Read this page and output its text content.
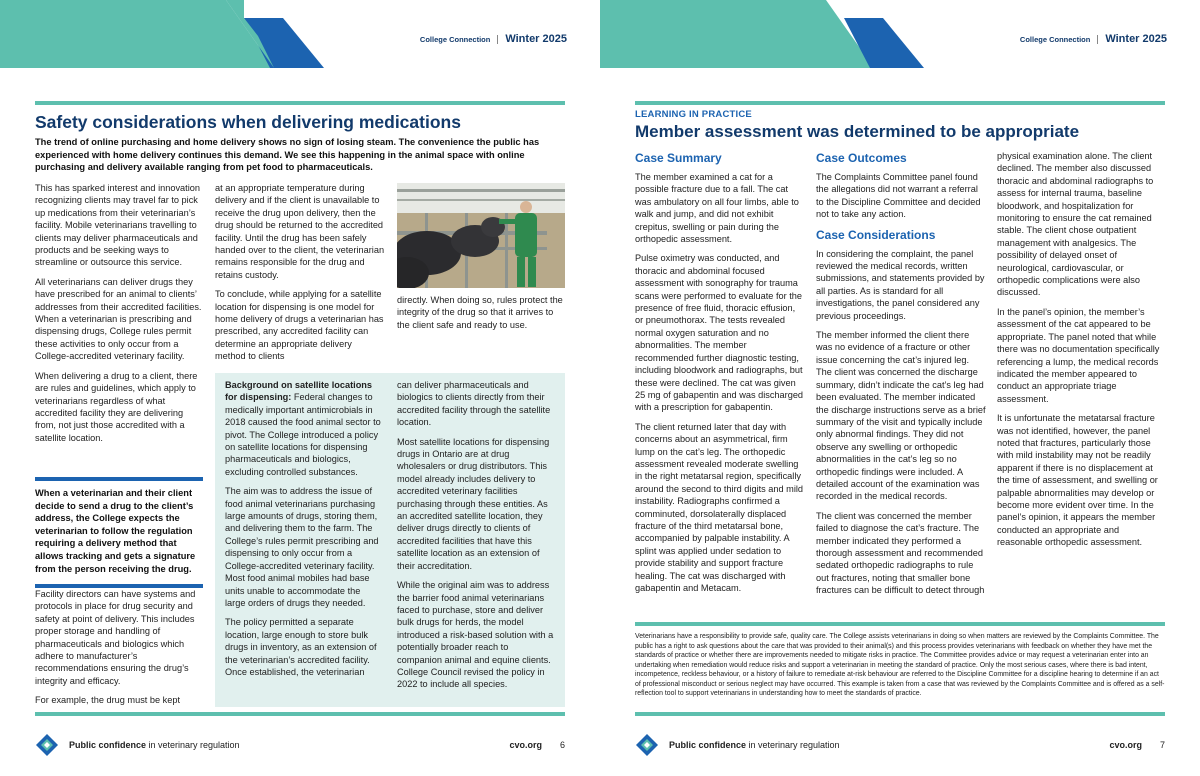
College Connection	Winter 2025
Safety considerations when delivering medications
The trend of online purchasing and home delivery shows no sign of losing steam. The convenience the public has experienced with home delivery continues this demand. We see this happening in the animal space with online purchasing and delivery available ranging from pet food to pharmaceuticals.

This has sparked interest and innovation recognizing clients may travel far to pick up medications from their veterinarian’s facility. Mobile veterinarians travelling to clients may deliver pharmaceuticals and products and be seeking ways to streamline or outsource this service.

All veterinarians can deliver drugs they have prescribed for an animal to clients’ addresses from their accredited facilities. When a veterinarian is prescribing and dispensing drugs, College rules permit these activities to only occur from a College-accredited veterinary facility.

When delivering a drug to a client, there are rules and guidelines, which apply to veterinarians regardless of what accredited facility they are delivering from, not just those accredited with a satellite location.

When a veterinarian and their client decide to send a drug to the client’s address, the College expects the veterinarian to follow the regulation requiring a delivery method that allows tracking and gets a signature from the person receiving the drug.

Facility directors can have systems and protocols in place for drug security and safety at point of delivery. This includes proper storage and handling of pharmaceuticals and biologics which adhere to manufacturer’s recommendations ensuring the drug’s integrity and efficacy.

For example, the drug must be kept

at an appropriate temperature during delivery and if the client is unavailable to receive the drug upon delivery, then the drug should be returned to the accredited facility. Until the drug has been safely handed over to the client, the veterinarian remains responsible for the drug and retains custody.

To conclude, while applying for a satellite location for dispensing is one model for home delivery of drugs a veterinarian has prescribed, any accredited facility can determine an appropriate delivery method to clients

directly. When doing so, rules protect the integrity of the drug so that it arrives to the client safe and ready to use.

Background on satellite locations for dispensing: Federal changes to medically important antimicrobials in 2018 caused the food animal sector to pivot. The College introduced a policy on satellite locations for dispensing pharmaceuticals and biologics, excluding controlled substances.

The aim was to address the issue of food animal veterinarians purchasing large amounts of drugs, storing them, and delivering them to the farm. The College’s rules permit prescribing and dispensing to only occur from a College-accredited veterinary facility. Most food animal mobiles had base units unable to accommodate the large orders of drugs they needed.

The policy permitted a separate location, large enough to store bulk drugs in inventory, as an extension of the veterinarian’s accredited facility. Once established, the veterinarian

can deliver pharmaceuticals and biologics to clients directly from their accredited facility through the satellite location.

Most satellite locations for dispensing drugs in Ontario are at drug wholesalers or drug distributors. This model already includes delivery to accredited veterinary facilities purchasing through these entities. As an accredited satellite location, they deliver drugs directly to clients of accredited facilities that have this satellite location as an extension of their accreditation.

While the original aim was to address the barrier food animal veterinarians faced to purchase, store and deliver bulk drugs for herds, the model introduced a risk-based solution with a potentially broader reach to companion animal and equine clients. College Council revised the policy in 2022 to include all species.

Public confidence in veterinary regulation	cvo.org 6
College Connection	Winter 2025
LEARNING IN PRACTICE
Member assessment was determined to be appropriate
Case Summary

The member examined a cat for a possible fracture due to a fall. The cat was ambulatory on all four limbs, able to walk and jump, and did not exhibit crepitus, swelling or pain during the orthopedic assessment.

Pulse oximetry was conducted, and thoracic and abdominal focused assessment with sonography for trauma scans were performed to evaluate for the presence of free fluid, thoracic effusion, or pneumothorax. The tests revealed normal oxygen saturation and no abnormalities. The member recommended further diagnostic testing, including bloodwork and radiographs, but these were declined. The cat was given 25 mg of gabapentin and was discharged with a prescription for gabapentin.

The client returned later that day with concerns about an asymmetrical, firm lump on the cat’s leg. The orthopedic assessment revealed moderate swelling in the right metatarsal region, specifically around the second to third digits and mild instability. Radiographs confirmed a comminuted, dorsolaterally displaced fracture of the third metatarsal bone, accompanied by palpable instability. A splint was applied under sedation to provide stability and support fracture healing. The cat was discharged with gabapentin and Metacam.

Case Outcomes

The Complaints Committee panel found the allegations did not warrant a referral to the Discipline Committee and decided not to take any action.

Case Considerations

In considering the complaint, the panel reviewed the medical records, written submissions, and statements provided by all parties. As is standard for all investigations, the panel considered any previous proceedings.

The member informed the client there was no evidence of a fracture or other issue concerning the cat’s injured leg. The client was concerned the discharge summary, didn’t indicate the cat’s leg had been evaluated. The member indicated the discharge instructions serve as a brief summary of the visit and typically include only abnormal findings. They did not observe any swelling or orthopedic abnormalities in the cat’s leg so no orthopedic findings were included. A detailed account of the examination was recorded in the medical records.

The client was concerned the member failed to diagnose the cat’s fracture. The member indicated they performed a thorough assessment and recommended sedated orthopedic radiographs to rule out fractures, noting that smaller bone fractures can be difficult to detect through

physical examination alone. The client declined. The member also discussed thoracic and abdominal radiographs to assess for internal trauma, baseline bloodwork, and hospitalization for monitoring to ensure the cat remained stable. The client chose outpatient management with analgesics. The possibility of delayed onset of neurological, cardiovascular, or orthopedic complications were also discussed.

In the panel’s opinion, the member’s assessment of the cat appeared to be appropriate. The panel noted that while there was no documentation specifically referencing a lump, the medical records indicated the member appeared to conduct an appropriate triage assessment.

It is unfortunate the metatarsal fracture was not identified, however, the panel noted that fractures, particularly those with mild instability may not be readily apparent if there is no displacement at the time of assessment, and swelling or palpable abnormalities may develop or become more evident over time. In the panel’s opinion, it appears the member conducted an appropriate and reasonable orthopedic assessment.

Veterinarians have a responsibility to provide safe, quality care. The College assists veterinarians in doing so when matters are reviewed by the Complaints Committee. The public has a right to ask questions about the care that was provided to their animal(s) and this process provides veterinarians with feedback on whether they have met the standards of practice or whether there are improvements needed to mitigate risks in practice. The Committee provides advice or may request a veterinarian enter into an undertaking when remediation would reduce risks and support a veterinarian in meeting the standard of practice. Only the most serious cases, where there is bad intent, incompetence, reckless behaviour, or a history of failure to remediate at-risk behaviour are referred to the Discipline Committee for a discipline hearing to determine if an act of professional misconduct or serious neglect may have occurred. This example is taken from a case that was reviewed by the Complaints Committee and is offered as a self-reflection tool to support veterinarians in understanding how to meet the standards of practice.
Public confidence in veterinary regulation	cvo.org 7
